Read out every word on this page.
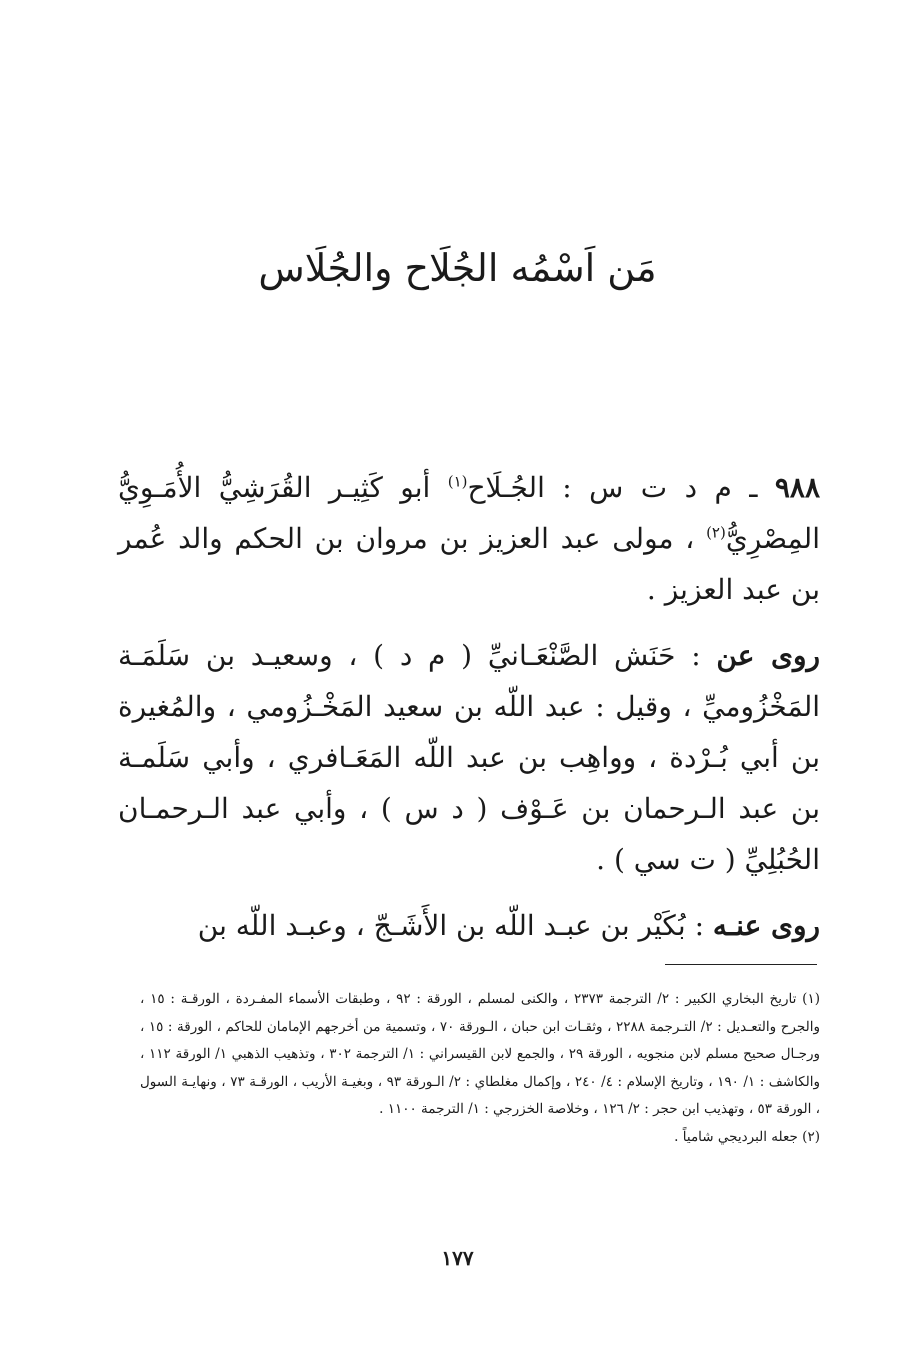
مَن اَسْمُه الجُلَاح والجُلَاس

٩٨٨ ـ م د ت س : الجُـلَاح$^{(١)}$ أبو كَثِيـر القُرَشِيُّ الأُمَـوِيُّ المِصْرِيُّ$^{(٢)}$ ، مولى عبد العزيز بن مروان بن الحكم والد عُمر بن عبد العزيز .

روى عن : حَنَش الصَّنْعَـانيِّ ( م د ) ، وسعيـد بن سَلَمَـة المَخْزُوميِّ ، وقيل : عبد اللّه بن سعيد المَخْـزُومي ، والمُغيرة بن أبي بُـرْدة ، وواهِب بن عبد اللّه المَعَـافري ، وأبي سَلَمـة بن عبد الـرحمان بن عَـوْف ( د س ) ، وأبي عبد الـرحمـان الحُبُلِيِّ ( ت سي ) .

روى عنـه : بُكَيْر بن عبـد اللّه بن الأَشَـجّ ، وعبـد اللّه بن

(١) تاريخ البخاري الكبير : ٢/ الترجمة ٢٣٧٣ ، والكنى لمسلم ، الورقة : ٩٢ ، وطبقات الأسماء المفـردة ، الورقـة : ١٥ ، والجرح والتعـديل : ٢/ التـرجمة ٢٢٨٨ ، وثقـات ابن حبان ، الـورقة ٧٠ ، وتسمية من أخرجهم الإمامان للحاكم ، الورقة : ١٥ ، ورجـال صحيح مسلم لابن منجويه ، الورقة ٢٩ ، والجمع لابن القيسراني : ١/ الترجمة ٣٠٢ ، وتذهيب الذهبي ١/ الورقة ١١٢ ، والكاشف : ١/ ١٩٠ ، وتاريخ الإسلام : ٤/ ٢٤٠ ، وإكمال مغلطاي : ٢/ الـورقة ٩٣ ، وبغيـة الأريب ، الورقـة ٧٣ ، ونهايـة السول ، الورقة ٥٣ ، وتهذيب ابن حجر : ٢/ ١٢٦ ، وخلاصة الخزرجي : ١/ الترجمة ١١٠٠ .

(٢) جعله البرديجي شامياً .

١٧٧
